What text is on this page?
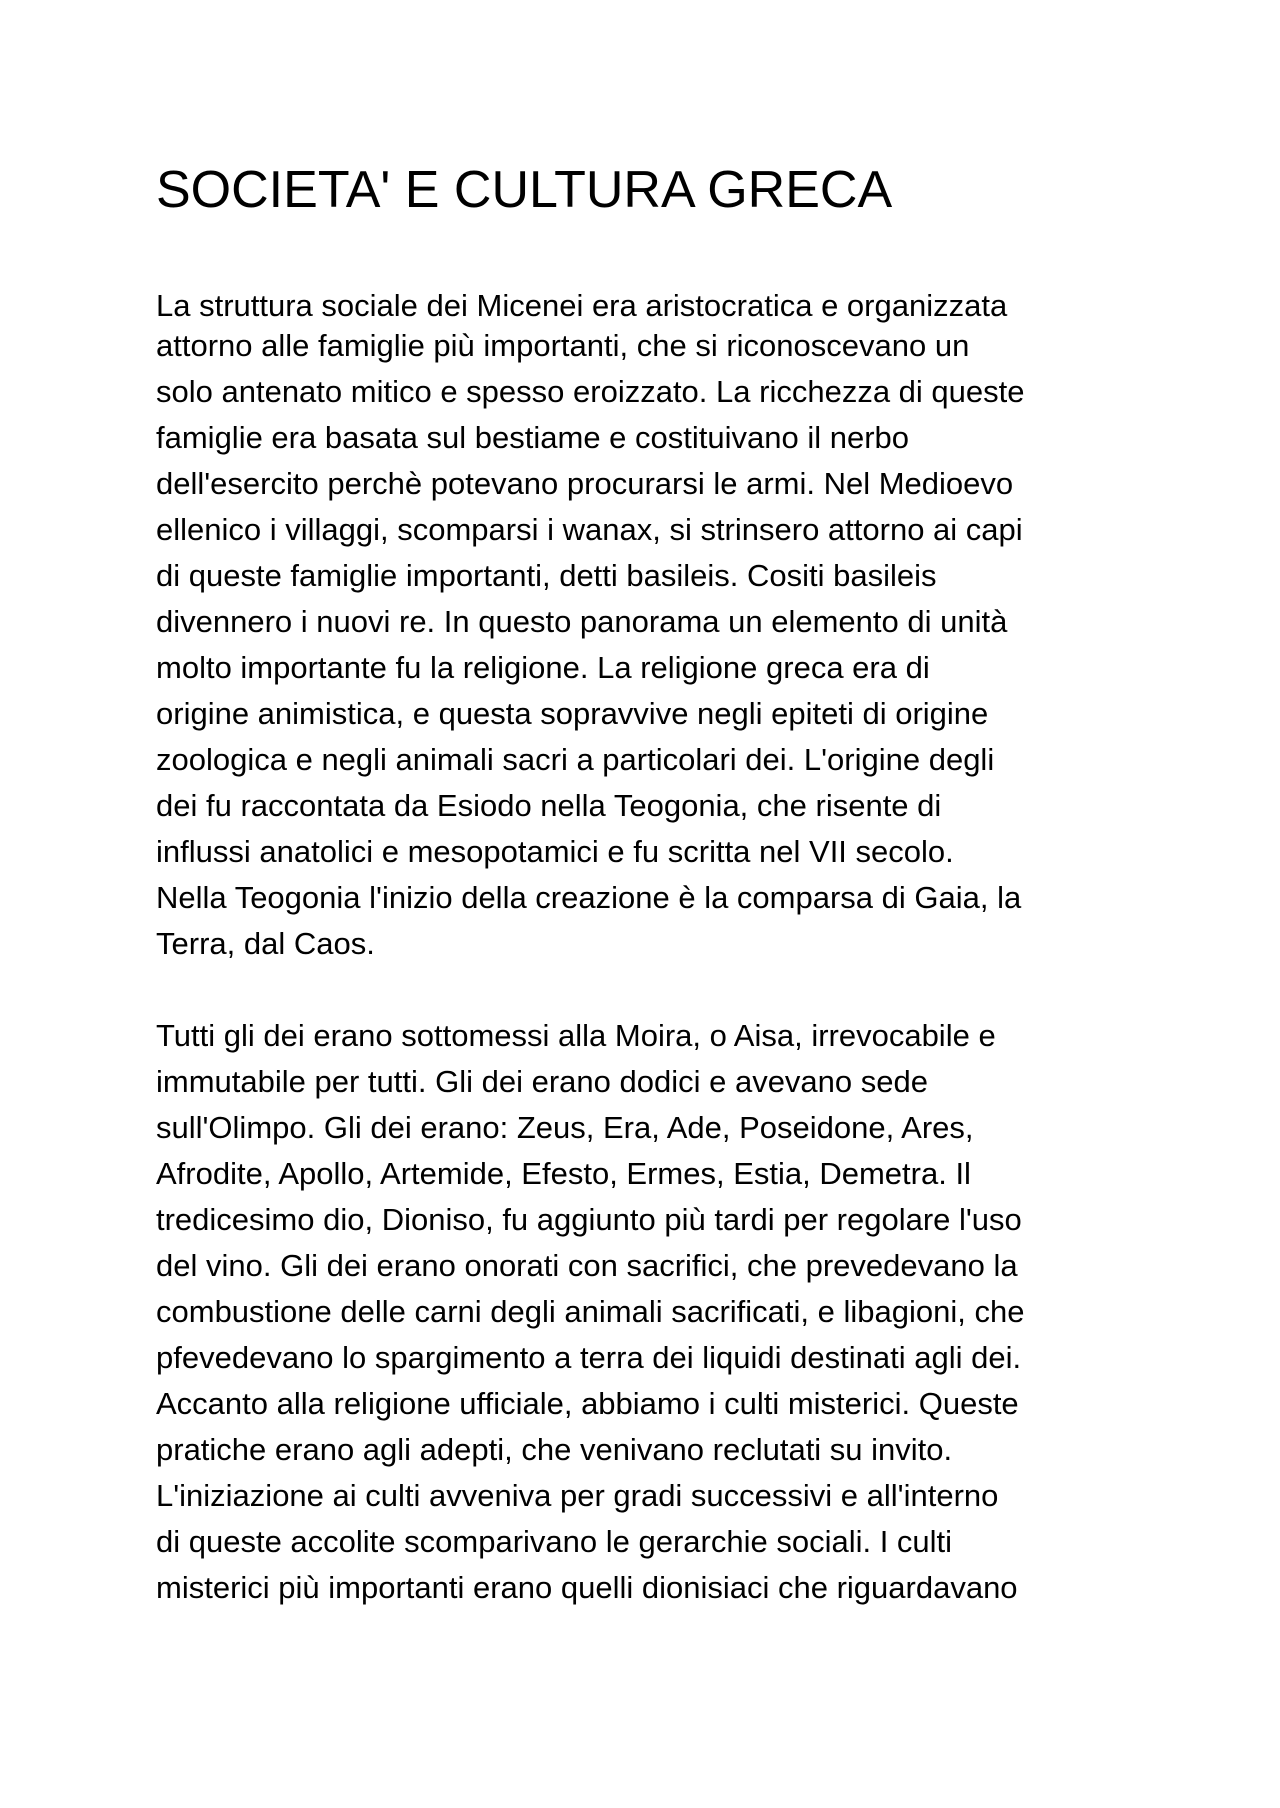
SOCIETA' E CULTURA GRECA

La struttura sociale dei Micenei era aristocratica e organizzata

attorno alle famiglie più importanti, che si riconoscevano un

solo antenato mitico e spesso eroizzato. La ricchezza di queste

famiglie era basata sul bestiame e costituivano il nerbo

dell'esercito perchè potevano procurarsi le armi. Nel Medioevo

ellenico i villaggi, scomparsi i wanax, si strinsero attorno ai capi

di queste famiglie importanti, detti basileis. Cositi basileis

divennero i nuovi re. In questo panorama un elemento di unità

molto importante fu la religione. La religione greca era di

origine animistica, e questa sopravvive negli epiteti di origine

zoologica e negli animali sacri a particolari dei. L'origine degli

dei fu raccontata da Esiodo nella Teogonia, che risente di

influssi anatolici e mesopotamici e fu scritta nel VII secolo.

Nella Teogonia l'inizio della creazione è la comparsa di Gaia, la

Terra, dal Caos.

Tutti gli dei erano sottomessi alla Moira, o Aisa, irrevocabile e

immutabile per tutti. Gli dei erano dodici e avevano sede

sull'Olimpo. Gli dei erano: Zeus, Era, Ade, Poseidone, Ares,

Afrodite, Apollo, Artemide, Efesto, Ermes, Estia, Demetra. Il

tredicesimo dio, Dioniso, fu aggiunto più tardi per regolare l'uso

del vino. Gli dei erano onorati con sacrifici, che prevedevano la

combustione delle carni degli animali sacrificati, e libagioni, che

pfevedevano lo spargimento a terra dei liquidi destinati agli dei.

Accanto alla religione ufficiale, abbiamo i culti misterici. Queste

pratiche erano agli adepti, che venivano reclutati su invito.

L'iniziazione ai culti avveniva per gradi successivi e all'interno

di queste accolite scomparivano le gerarchie sociali. I culti

misterici più importanti erano quelli dionisiaci che riguardavano
